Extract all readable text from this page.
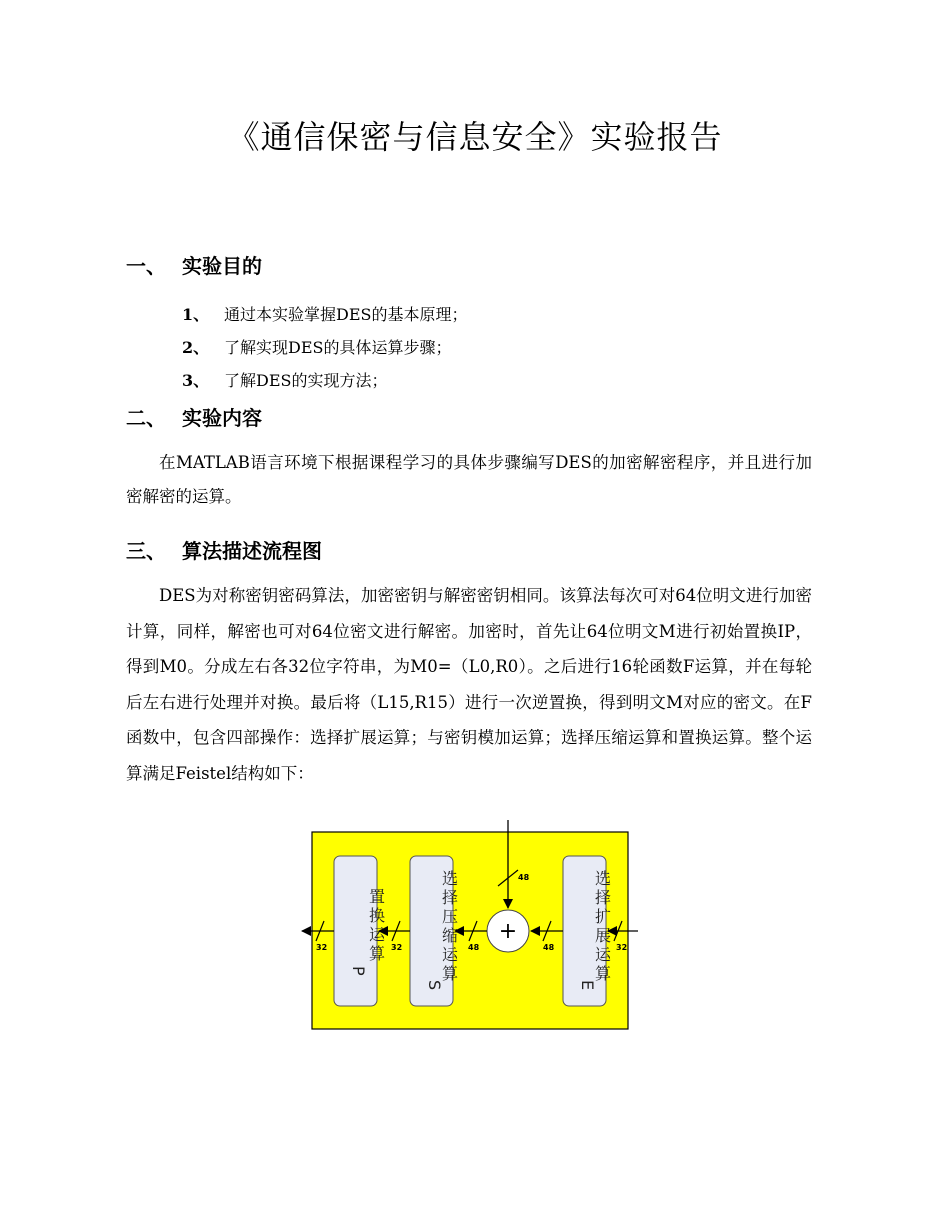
《通信保密与信息安全》实验报告
一、 实验目的
1、 通过本实验掌握DES的基本原理；
2、 了解实现DES的具体运算步骤；
3、 了解DES的实现方法；
二、 实验内容
在MATLAB语言环境下根据课程学习的具体步骤编写DES的加密解密程序，并且进行加密解密的运算。
三、 算法描述流程图
DES为对称密钥密码算法，加密密钥与解密密钥相同。该算法每次可对64位明文进行加密计算，同样，解密也可对64位密文进行解密。加密时，首先让64位明文M进行初始置换IP，得到M0。分成左右各32位字符串，为M0=（L0,R0）。之后进行16轮函数F运算，并在每轮后左右进行处理并对换。最后将（L15,R15）进行一次逆置换，得到明文M对应的密文。在F函数中，包含四部操作：选择扩展运算；与密钥模加运算；选择压缩运算和置换运算。整个运算满足Feistel结构如下：
置
换
运
算
P
选
择
压
缩
运
算
S
选
择
扩
展
运
算
E
+
32	32	48	48	32
48
